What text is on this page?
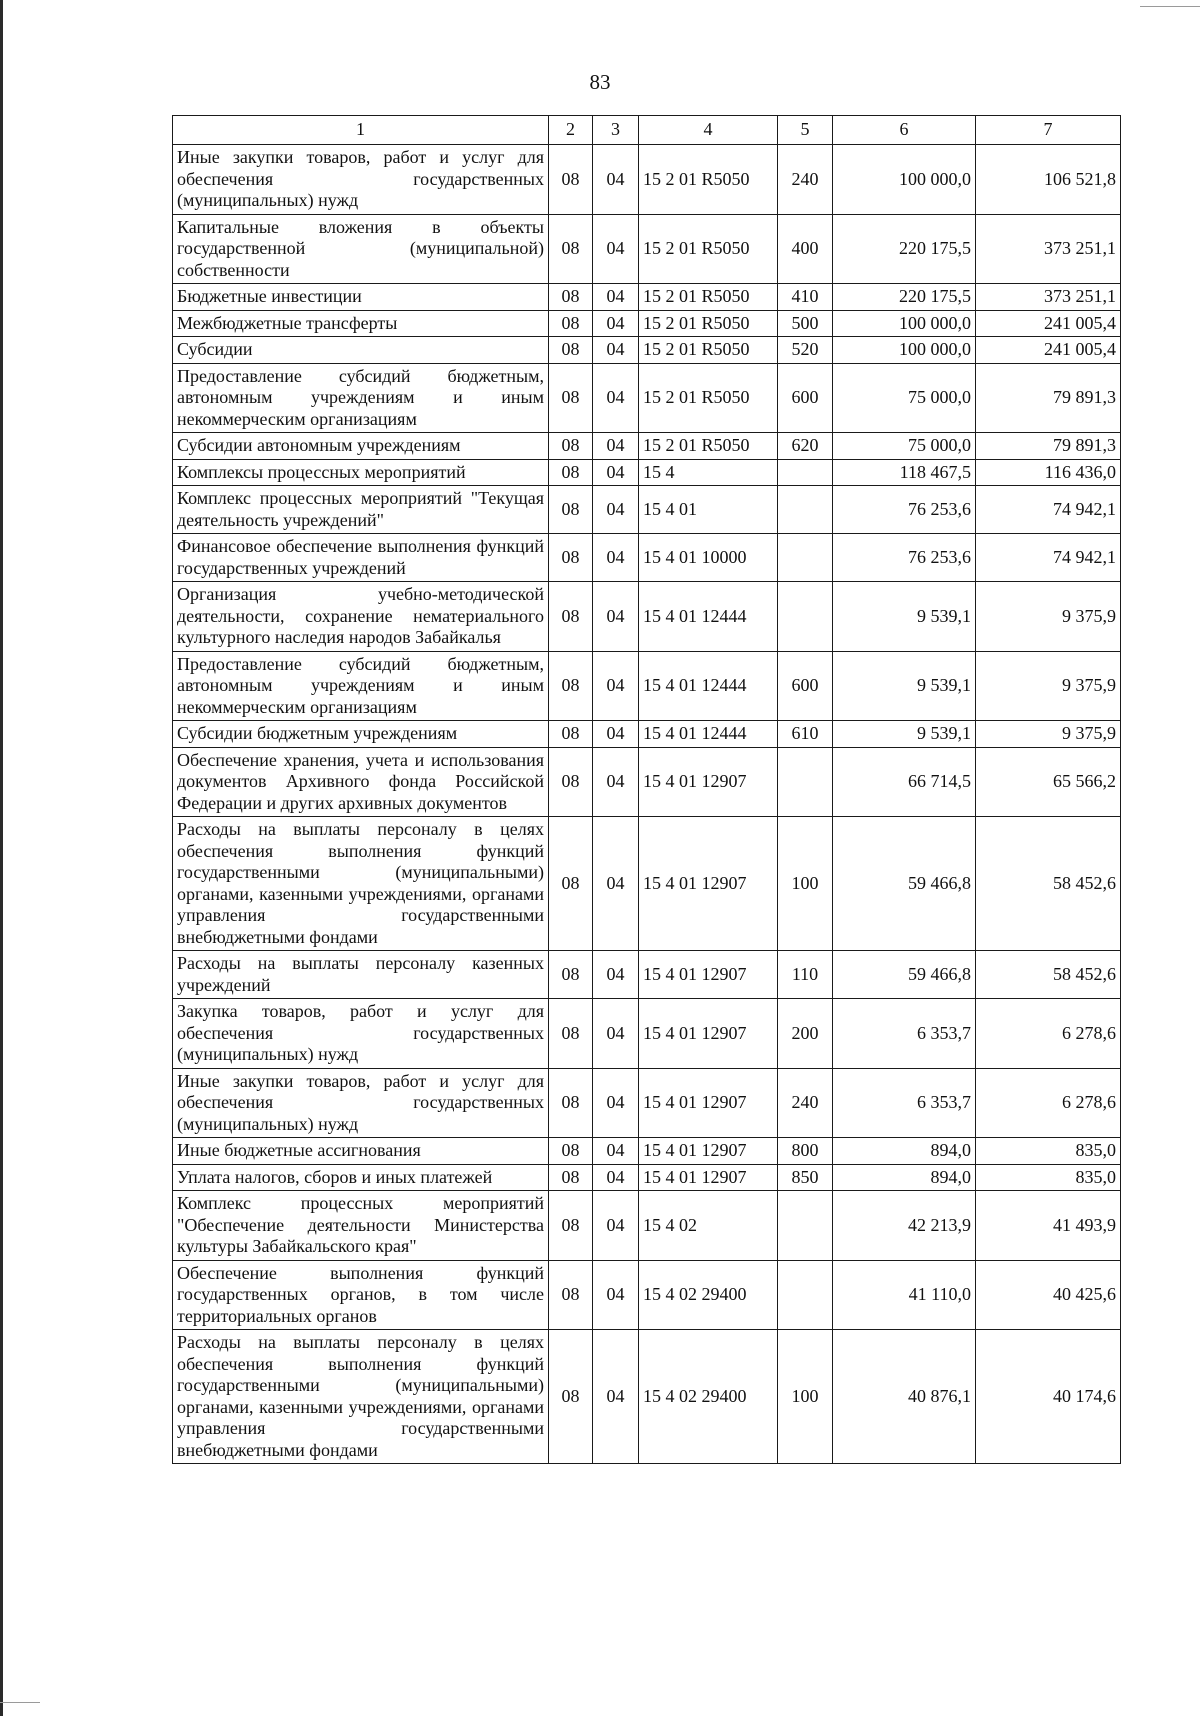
83
1	2	3	4	5	6	7
Иные закупки товаров, работ и услуг для обеспечения государственных (муниципальных) нужд	08	04	15 2 01 R5050	240	100 000,0	106 521,8
Капитальные вложения в объекты государственной (муниципальной) собственности	08	04	15 2 01 R5050	400	220 175,5	373 251,1
Бюджетные инвестиции	08	04	15 2 01 R5050	410	220 175,5	373 251,1
Межбюджетные трансферты	08	04	15 2 01 R5050	500	100 000,0	241 005,4
Субсидии	08	04	15 2 01 R5050	520	100 000,0	241 005,4
Предоставление субсидий бюджетным, автономным учреждениям и иным некоммерческим организациям	08	04	15 2 01 R5050	600	75 000,0	79 891,3
Субсидии автономным учреждениям	08	04	15 2 01 R5050	620	75 000,0	79 891,3
Комплексы процессных мероприятий	08	04	15 4		118 467,5	116 436,0
Комплекс процессных мероприятий "Текущая деятельность учреждений"	08	04	15 4 01		76 253,6	74 942,1
Финансовое обеспечение выполнения функций государственных учреждений	08	04	15 4 01 10000		76 253,6	74 942,1
Организация учебно-методической деятельности, сохранение нематериального культурного наследия народов Забайкалья	08	04	15 4 01 12444		9 539,1	9 375,9
Предоставление субсидий бюджетным, автономным учреждениям и иным некоммерческим организациям	08	04	15 4 01 12444	600	9 539,1	9 375,9
Субсидии бюджетным учреждениям	08	04	15 4 01 12444	610	9 539,1	9 375,9
Обеспечение хранения, учета и использования документов Архивного фонда Российской Федерации и других архивных документов	08	04	15 4 01 12907		66 714,5	65 566,2
Расходы на выплаты персоналу в целях обеспечения выполнения функций государственными (муниципальными) органами, казенными учреждениями, органами управления государственными внебюджетными фондами	08	04	15 4 01 12907	100	59 466,8	58 452,6
Расходы на выплаты персоналу казенных учреждений	08	04	15 4 01 12907	110	59 466,8	58 452,6
Закупка товаров, работ и услуг для обеспечения государственных (муниципальных) нужд	08	04	15 4 01 12907	200	6 353,7	6 278,6
Иные закупки товаров, работ и услуг для обеспечения государственных (муниципальных) нужд	08	04	15 4 01 12907	240	6 353,7	6 278,6
Иные бюджетные ассигнования	08	04	15 4 01 12907	800	894,0	835,0
Уплата налогов, сборов и иных платежей	08	04	15 4 01 12907	850	894,0	835,0
Комплекс процессных мероприятий "Обеспечение деятельности Министерства культуры Забайкальского края"	08	04	15 4 02		42 213,9	41 493,9
Обеспечение выполнения функций государственных органов, в том числе территориальных органов	08	04	15 4 02 29400		41 110,0	40 425,6
Расходы на выплаты персоналу в целях обеспечения выполнения функций государственными (муниципальными) органами, казенными учреждениями, органами управления государственными внебюджетными фондами	08	04	15 4 02 29400	100	40 876,1	40 174,6
